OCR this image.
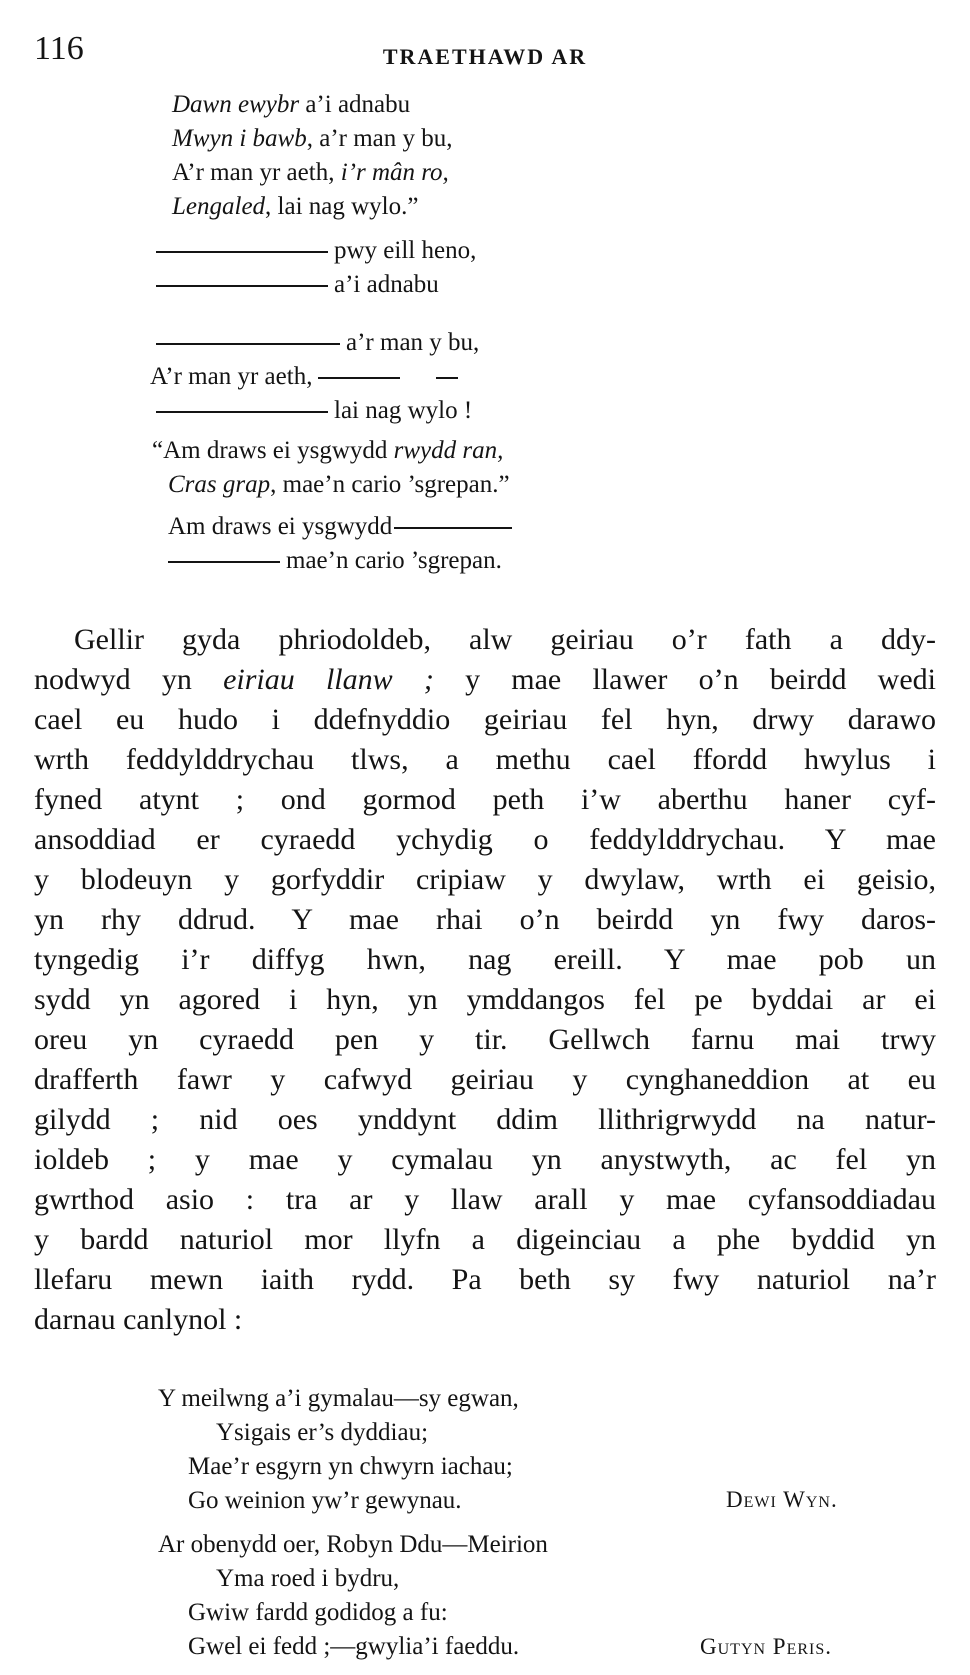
116	TRAETHAWD AR
Dawn ewybr a’i adnabu
Mwyn i bawb, a’r man y bu,
A’r man yr aeth, i’r mân ro,
Lengaled, lai nag wylo.”
pwy eill heno,
a’i adnabu
a’r man y bu,
A’r man yr aeth,
lai nag wylo !
“Am draws ei ysgwydd rwydd ran,
Cras grap, mae’n cario ’sgrepan.”
Am draws ei ysgwydd
mae’n cario ’sgrepan.
Gellir gyda phriodoldeb, alw geiriau o’r fath a ddy-
nodwyd yn eiriau llanw ; y mae llawer o’n beirdd wedi
cael eu hudo i ddefnyddio geiriau fel hyn, drwy darawo
wrth feddylddrychau tlws, a methu cael ffordd hwylus i
fyned atynt ; ond gormod peth i’w aberthu haner cyf-
ansoddiad er cyraedd ychydig o feddylddrychau. Y mae
y blodeuyn y gorfyddir cripiaw y dwylaw, wrth ei geisio,
yn rhy ddrud. Y mae rhai o’n beirdd yn fwy daros-
tyngedig i’r diffyg hwn, nag ereill. Y mae pob un
sydd yn agored i hyn, yn ymddangos fel pe byddai ar ei
oreu yn cyraedd pen y tir. Gellwch farnu mai trwy
drafferth fawr y cafwyd geiriau y cynghaneddion at eu
gilydd ; nid oes ynddynt ddim llithrigrwydd na natur-
ioldeb ; y mae y cymalau yn anystwyth, ac fel yn
gwrthod asio : tra ar y llaw arall y mae cyfansoddiadau
y bardd naturiol mor llyfn a digeinciau a phe byddid yn
llefaru mewn iaith rydd. Pa beth sy fwy naturiol na’r
darnau canlynol :
Y meilwng a’i gymalau—sy egwan,
Ysigais er’s dyddiau;
Mae’r esgyrn yn chwyrn iachau;
Go weinion yw’r gewynau.	Dewi Wyn.
Ar obenydd oer, Robyn Ddu—Meirion
Yma roed i bydru,
Gwiw fardd godidog a fu:
Gwel ei fedd ;—gwylia’i faeddu.	Gutyn Peris.
